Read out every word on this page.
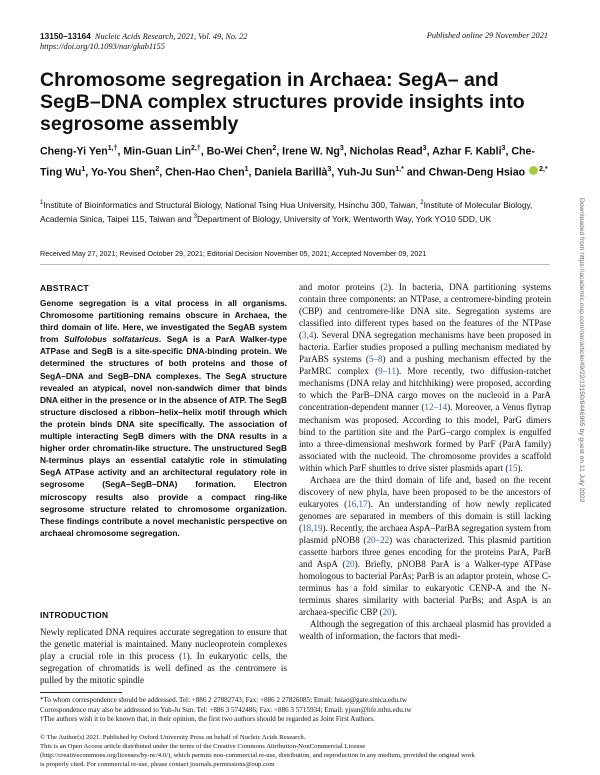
13150–13164 Nucleic Acids Research, 2021, Vol. 49, No. 22	Published online 29 November 2021
https://doi.org/10.1093/nar/gkab1155
Chromosome segregation in Archaea: SegA– and SegB–DNA complex structures provide insights into segrosome assembly
Cheng-Yi Yen$^{1,\dagger}$, Min-Guan Lin$^{2,\dagger}$, Bo-Wei Chen$^2$, Irene W. Ng$^3$, Nicholas Read$^3$, Azhar F. Kabli$^3$, Che-Ting Wu$^1$, Yo-You Shen$^2$, Chen-Hao Chen$^1$, Daniela Barillà$^3$, Yuh-Ju Sun$^{1,*}$ and Chwan-Deng Hsiao $^{2,*}$
$^1$Institute of Bioinformatics and Structural Biology, National Tsing Hua University, Hsinchu 300, Taiwan, $^2$Institute of Molecular Biology, Academia Sinica, Taipei 115, Taiwan and $^3$Department of Biology, University of York, Wentworth Way, York YO10 5DD, UK
Received May 27, 2021; Revised October 29, 2021; Editorial Decision November 05, 2021; Accepted November 09, 2021
ABSTRACT
Genome segregation is a vital process in all organisms. Chromosome partitioning remains obscure in Archaea, the third domain of life. Here, we investigated the SegAB system from Sulfolobus solfataricus. SegA is a ParA Walker-type ATPase and SegB is a site-specific DNA-binding protein. We determined the structures of both proteins and those of SegA–DNA and SegB–DNA complexes. The SegA structure revealed an atypical, novel non-sandwich dimer that binds DNA either in the presence or in the absence of ATP. The SegB structure disclosed a ribbon–helix–helix motif through which the protein binds DNA site specifically. The association of multiple interacting SegB dimers with the DNA results in a higher order chromatin-like structure. The unstructured SegB N-terminus plays an essential catalytic role in stimulating SegA ATPase activity and an architectural regulatory role in segrosome (SegA–SegB–DNA) formation. Electron microscopy results also provide a compact ring-like segrosome structure related to chromosome organization. These findings contribute a novel mechanistic perspective on archaeal chromosome segregation.
INTRODUCTION
Newly replicated DNA requires accurate segregation to ensure that the genetic material is maintained. Many nucleoprotein complexes play a crucial role in this process (1). In eukaryotic cells, the segregation of chromatids is well defined as the centromere is pulled by the mitotic spindle

and motor proteins (2). In bacteria, DNA partitioning systems contain three components: an NTPase, a centromere-binding protein (CBP) and centromere-like DNA site. Segregation systems are classified into different types based on the features of the NTPase (3,4). Several DNA segregation mechanisms have been proposed in bacteria. Earlier studies proposed a pulling mechanism mediated by ParABS systems (5–8) and a pushing mechanism effected by the ParMRC complex (9–11). More recently, two diffusion-ratchet mechanisms (DNA relay and hitchhiking) were proposed, according to which the ParB–DNA cargo moves on the nucleoid in a ParA concentration-dependent manner (12–14). Moreover, a Venus flytrap mechanism was proposed. According to this model, ParG dimers bind to the partition site and the ParG–cargo complex is engulfed into a three-dimensional meshwork formed by ParF (ParA family) associated with the nucleoid. The chromosome provides a scaffold within which ParF shuttles to drive sister plasmids apart (15).

Archaea are the third domain of life and, based on the recent discovery of new phyla, have been proposed to be the ancestors of eukaryotes (16,17). An understanding of how newly replicated genomes are separated in members of this domain is still lacking (18,19). Recently, the archaea AspA–ParBA segregation system from plasmid pNOB8 (20–22) was characterized. This plasmid partition cassette harbors three genes encoding for the proteins ParA, ParB and AspA (20). Briefly, pNOB8 ParA is a Walker-type ATPase homologous to bacterial ParAs; ParB is an adaptor protein, whose C-terminus has a fold similar to eukaryotic CENP-A and the N-terminus shares similarity with bacterial ParBs; and AspA is an archaea-specific CBP (20).

Although the segregation of this archaeal plasmid has provided a wealth of information, the factors that medi-

*To whom correspondence should be addressed. Tel: +886 2 27882743; Fax: +886 2 27826085; Email: hsiao@gate.sinica.edu.tw
Correspondence may also be addressed to Yuh-Ju Sun. Tel: +886 3 5742486; Fax: +886 3 5715934; Email: yjsun@life.nthu.edu.tw
†The authors wish it to be known that, in their opinion, the first two authors should be regarded as Joint First Authors.
© The Author(s) 2021. Published by Oxford University Press on behalf of Nucleic Acids Research.
This is an Open Access article distributed under the terms of the Creative Commons Attribution-NonCommercial License
(http://creativecommons.org/licenses/by-nc/4.0/), which permits non-commercial re-use, distribution, and reproduction in any medium, provided the original work
is properly cited. For commercial re-use, please contact journals.permissions@oup.com
Downloaded from https://academic.oup.com/nar/article/49/22/13150/6446965 by guest on 11 July 2022
